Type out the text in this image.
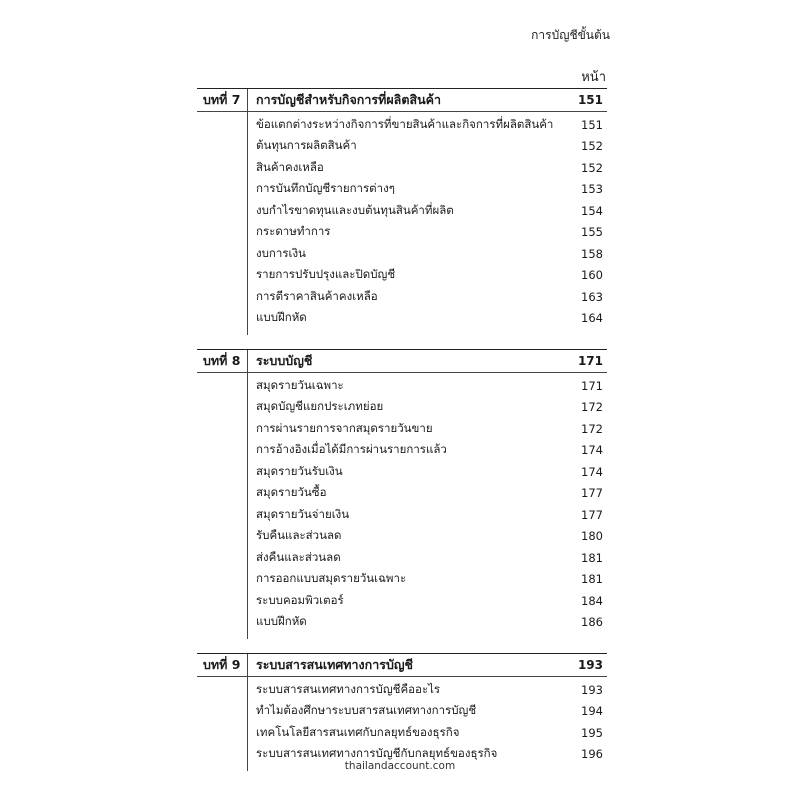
การบัญชีขั้นต้น
หน้า
บทที่ 7	การบัญชีสำหรับกิจการที่ผลิตสินค้า	151
ข้อแตกต่างระหว่างกิจการที่ขายสินค้าและกิจการที่ผลิตสินค้า	151
ต้นทุนการผลิตสินค้า	152
สินค้าคงเหลือ	152
การบันทึกบัญชีรายการต่างๆ	153
งบกำไรขาดทุนและงบต้นทุนสินค้าที่ผลิต	154
กระดาษทำการ	155
งบการเงิน	158
รายการปรับปรุงและปิดบัญชี	160
การตีราคาสินค้าคงเหลือ	163
แบบฝึกหัด	164
บทที่ 8	ระบบบัญชี	171
สมุดรายวันเฉพาะ	171
สมุดบัญชีแยกประเภทย่อย	172
การผ่านรายการจากสมุดรายวันขาย	172
การอ้างอิงเมื่อได้มีการผ่านรายการแล้ว	174
สมุดรายวันรับเงิน	174
สมุดรายวันซื้อ	177
สมุดรายวันจ่ายเงิน	177
รับคืนและส่วนลด	180
ส่งคืนและส่วนลด	181
การออกแบบสมุดรายวันเฉพาะ	181
ระบบคอมพิวเตอร์	184
แบบฝึกหัด	186
บทที่ 9	ระบบสารสนเทศทางการบัญชี	193
ระบบสารสนเทศทางการบัญชีคืออะไร	193
ทำไมต้องศึกษาระบบสารสนเทศทางการบัญชี	194
เทคโนโลยีสารสนเทศกับกลยุทธ์ของธุรกิจ	195
ระบบสารสนเทศทางการบัญชีกับกลยุทธ์ของธุรกิจ	196
thailandaccount.com
